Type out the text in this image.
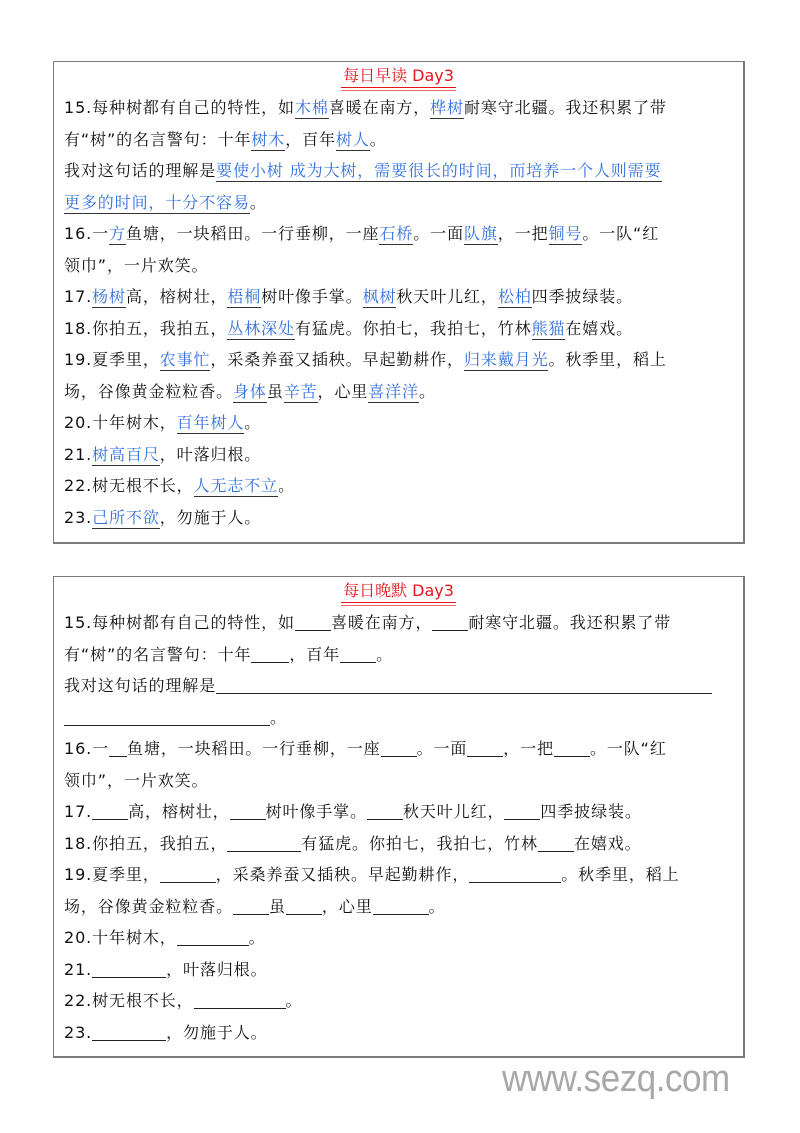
每日早读 Day3
15.每种树都有自己的特性，如木棉喜暖在南方，桦树耐寒守北疆。我还积累了带
有“树”的名言警句：十年树木，百年树人。
我对这句话的理解是要使小树 成为大树，需要很长的时间，而培养一个人则需要
更多的时间，十分不容易。
16.一方鱼塘，一块稻田。一行垂柳，一座石桥。一面队旗，一把铜号。一队“红
领巾”，一片欢笑。
17.杨树高，榕树壮，梧桐树叶像手掌。枫树秋天叶儿红，松柏四季披绿装。
18.你拍五，我拍五，丛林深处有猛虎。你拍七，我拍七，竹林熊猫在嬉戏。
19.夏季里，农事忙，采桑养蚕又插秧。早起勤耕作，归来戴月光。秋季里，稻上
场，谷像黄金粒粒香。身体虽辛苦，心里喜洋洋。
20.十年树木，百年树人。
21.树高百尺，叶落归根。
22.树无根不长，人无志不立。
23.己所不欲，勿施于人。
每日晚默 Day3
15.每种树都有自己的特性，如 喜暖在南方， 耐寒守北疆。我还积累了带
有“树”的名言警句：十年 ，百年 。
我对这句话的理解是
。
16.一 鱼塘，一块稻田。一行垂柳，一座 。一面 ，一把 。一队“红
领巾”，一片欢笑。
17. 高，榕树壮， 树叶像手掌。 秋天叶儿红， 四季披绿装。
18.你拍五，我拍五，	有猛虎。你拍七，我拍七，竹林 在嬉戏。
19.夏季里，	，采桑养蚕又插秧。早起勤耕作，	。秋季里，稻上
场，谷像黄金粒粒香。 虽 ，心里	。
20.十年树木，	。
21.	，叶落归根。
22.树无根不长，	。
23.	，勿施于人。
www.sezq.com
